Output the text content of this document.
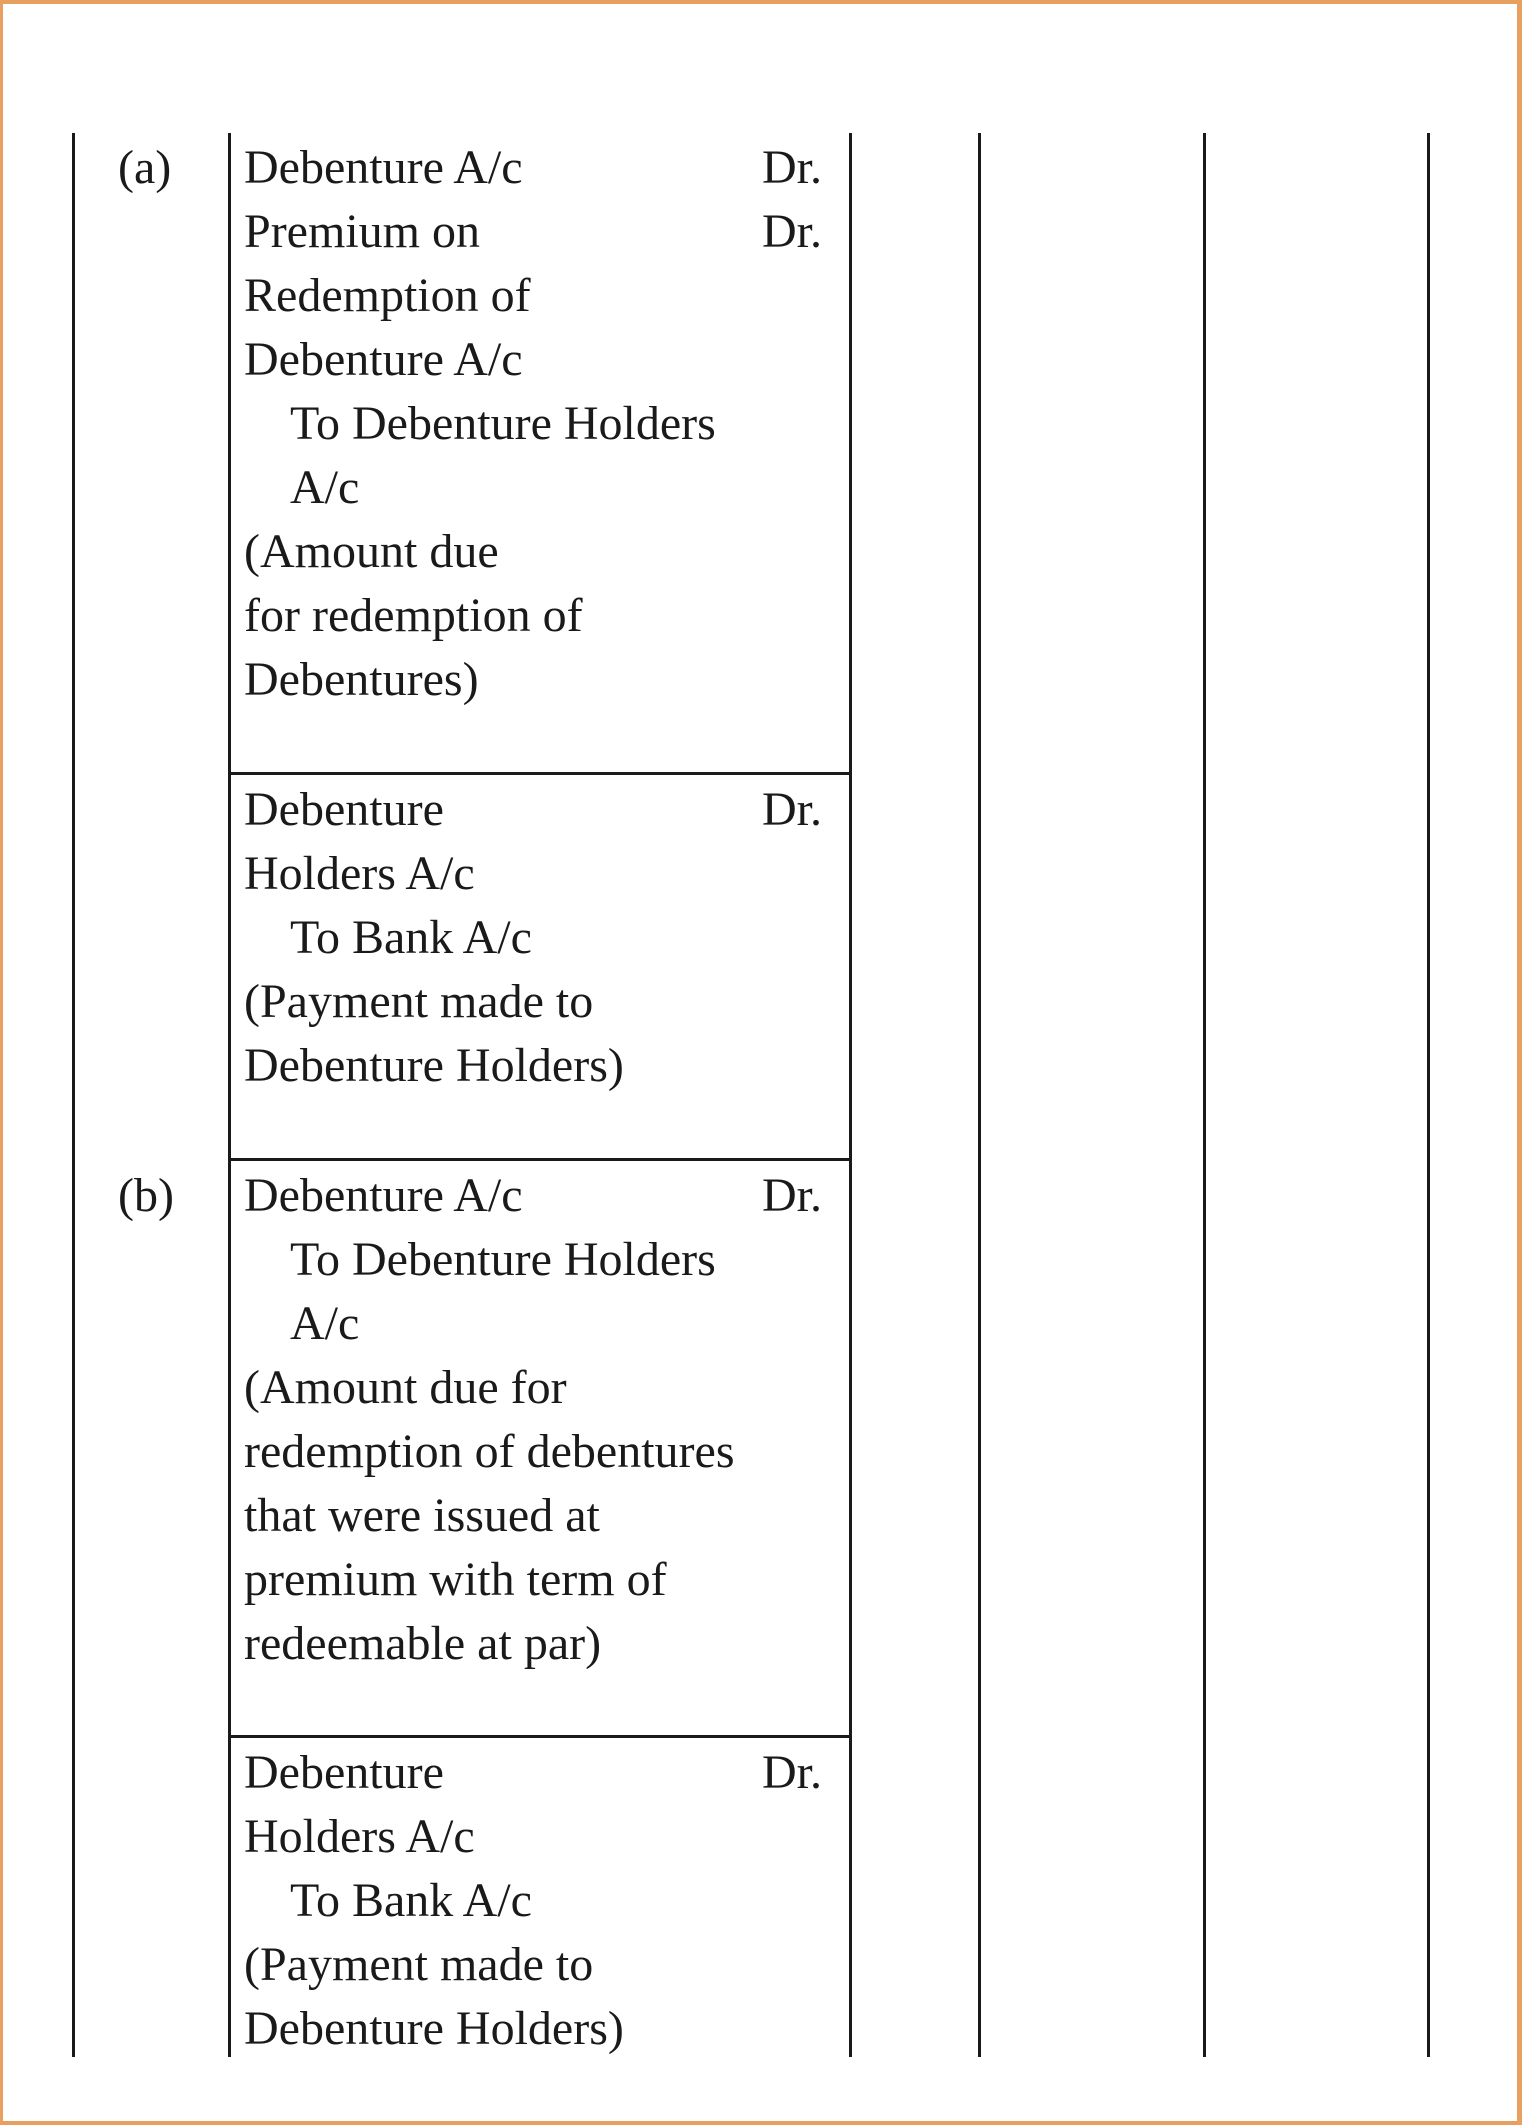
(a) Debenture A/c
Premium on
Redemption of
Debenture A/c
To Debenture Holders
A/c
(Amount due
for redemption of
Debentures)
Dr.
Dr.
Debenture
Holders A/c
To Bank A/c
(Payment made to
Debenture Holders)
Dr.
(b) Debenture A/c
To Debenture Holders
A/c
(Amount due for
redemption of debentures
that were issued at
premium with term of
redeemable at par)
Dr.
Debenture
Holders A/c
To Bank A/c
(Payment made to
Debenture Holders)
Dr.
